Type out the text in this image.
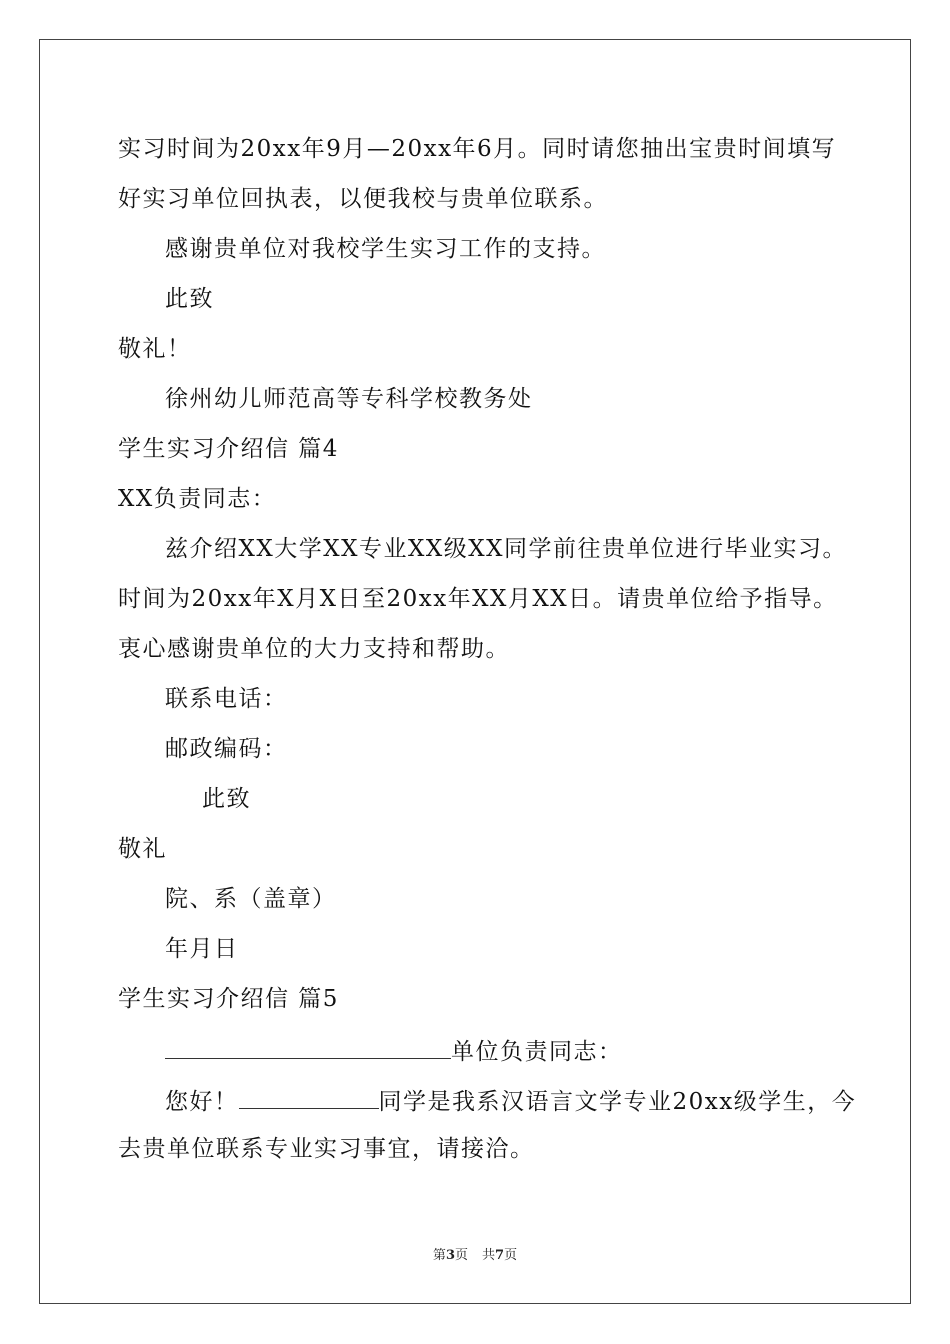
实习时间为20xx年9月—20xx年6月。同时请您抽出宝贵时间填写
好实习单位回执表，以便我校与贵单位联系。
感谢贵单位对我校学生实习工作的支持。
此致
敬礼！
徐州幼儿师范高等专科学校教务处
学生实习介绍信 篇4
XX负责同志：
兹介绍XX大学XX专业XX级XX同学前往贵单位进行毕业实习。
时间为20xx年X月X日至20xx年XX月XX日。请贵单位给予指导。
衷心感谢贵单位的大力支持和帮助。
联系电话：
邮政编码：
此致
敬礼
院、系（盖章）
年月日
学生实习介绍信 篇5
单位负责同志：
您好！	同学是我系汉语言文学专业20xx级学生，今
去贵单位联系专业实习事宜，请接洽。
第3页 共7页
